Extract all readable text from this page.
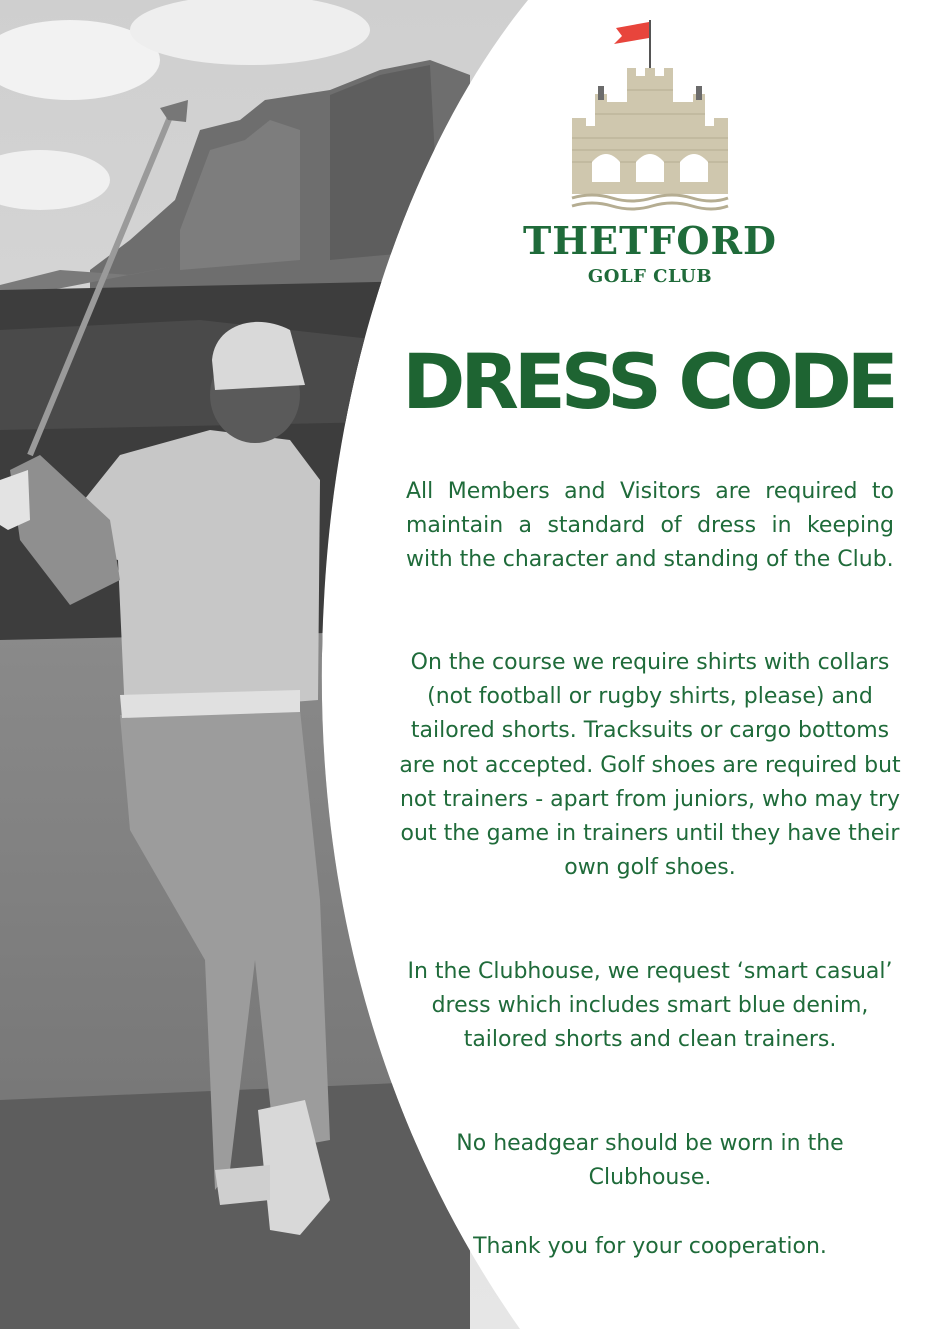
THETFORD
GOLF CLUB
DRESS CODE

All Members and Visitors are required to maintain a standard of dress in keeping with the character and standing of the Club.

On the course we require shirts with collars (not football or rugby shirts, please) and tailored shorts. Tracksuits or cargo bottoms are not accepted. Golf shoes are required but not trainers - apart from juniors, who may try out the game in trainers until they have their own golf shoes.

In the Clubhouse, we request ‘smart casual’ dress which includes smart blue denim, tailored shorts and clean trainers.

No headgear should be worn in the Clubhouse.

Thank you for your cooperation.
